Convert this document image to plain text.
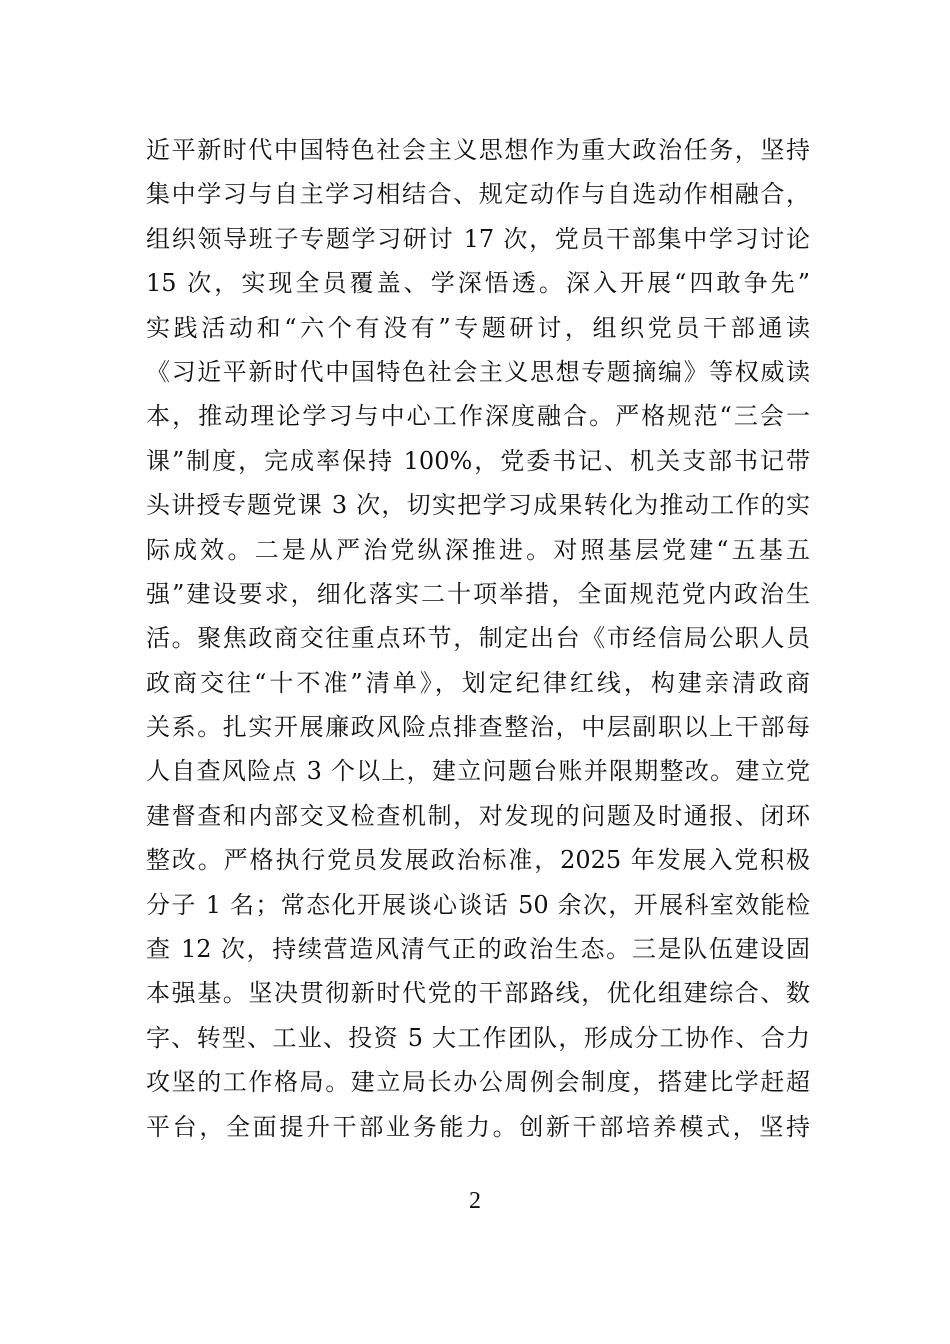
近平新时代中国特色社会主义思想作为重大政治任务，坚持
集中学习与自主学习相结合、规定动作与自选动作相融合，
组织领导班子专题学习研讨 17 次，党员干部集中学习讨论
15 次，实现全员覆盖、学深悟透。深入开展“四敢争先”
实践活动和“六个有没有”专题研讨，组织党员干部通读
《习近平新时代中国特色社会主义思想专题摘编》等权威读
本，推动理论学习与中心工作深度融合。严格规范“三会一
课”制度，完成率保持 100%，党委书记、机关支部书记带
头讲授专题党课 3 次，切实把学习成果转化为推动工作的实
际成效。二是从严治党纵深推进。对照基层党建“五基五
强”建设要求，细化落实二十项举措，全面规范党内政治生
活。聚焦政商交往重点环节，制定出台《市经信局公职人员
政商交往“十不准”清单》，划定纪律红线，构建亲清政商
关系。扎实开展廉政风险点排查整治，中层副职以上干部每
人自查风险点 3 个以上，建立问题台账并限期整改。建立党
建督查和内部交叉检查机制，对发现的问题及时通报、闭环
整改。严格执行党员发展政治标准，2025 年发展入党积极
分子 1 名；常态化开展谈心谈话 50 余次，开展科室效能检
查 12 次，持续营造风清气正的政治生态。三是队伍建设固
本强基。坚决贯彻新时代党的干部路线，优化组建综合、数
字、转型、工业、投资 5 大工作团队，形成分工协作、合力
攻坚的工作格局。建立局长办公周例会制度，搭建比学赶超
平台，全面提升干部业务能力。创新干部培养模式，坚持
2
